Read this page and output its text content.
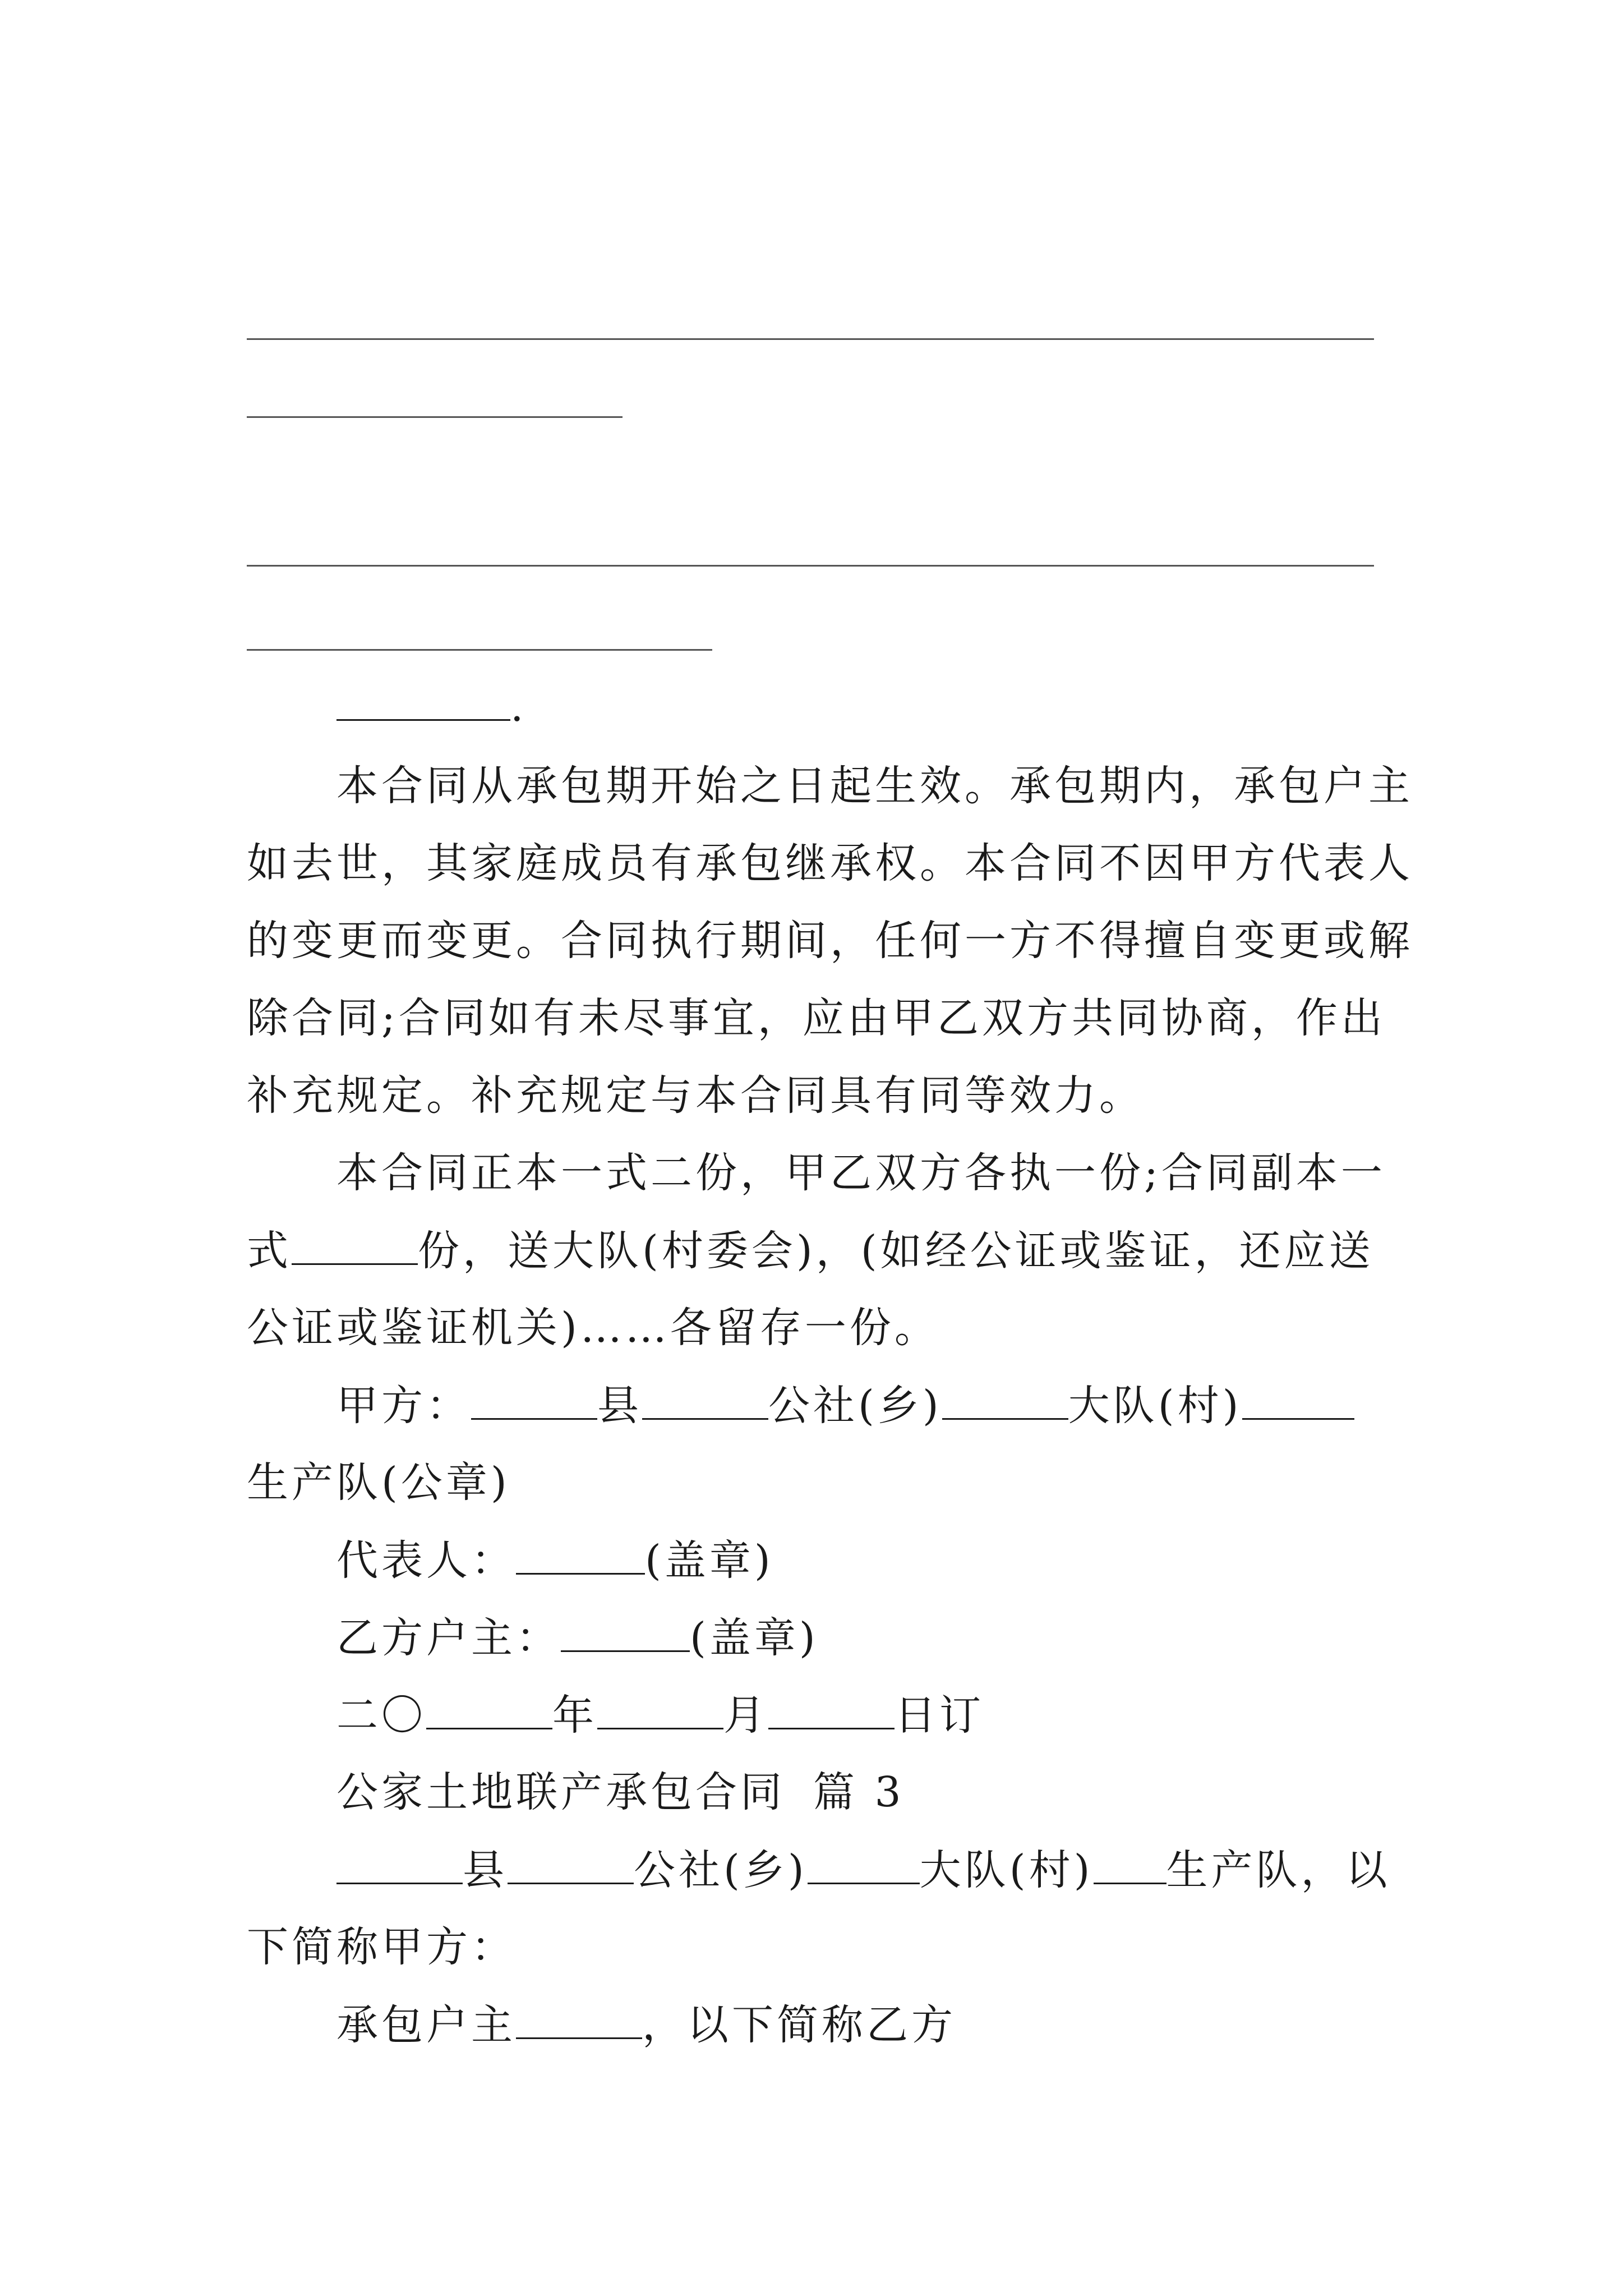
.
本合同从承包期开始之日起生效。承包期内，承包户主
如去世，其家庭成员有承包继承权。本合同不因甲方代表人
的变更而变更。合同执行期间，任何一方不得擅自变更或解
除合同;合同如有未尽事宜，应由甲乙双方共同协商，作出
补充规定。补充规定与本合同具有同等效力。
本合同正本一式二份，甲乙双方各执一份;合同副本一
式	份，送大队(村委会)，(如经公证或鉴证，还应送
公证或鉴证机关)……各留存一份。
甲方：	县	公社(乡)	大队(村)
生产队(公章)
代表人：	(盖章)
乙方户主：	(盖章)
二〇	年	月	日订
公家土地联产承包合同 篇 3
县	公社(乡)	大队(村) 生产队，以
下简称甲方：
承包户主	，以下简称乙方
